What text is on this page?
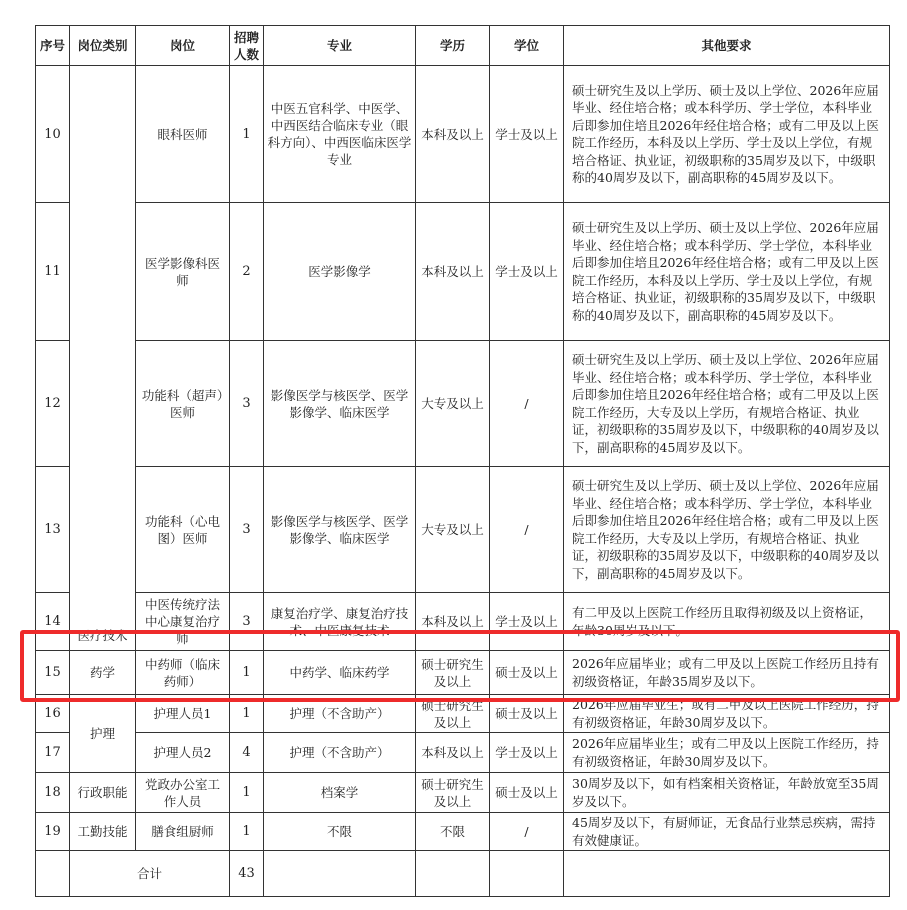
序号	岗位类别	岗位	招聘人数	专业	学历	学位	其他要求
10	医疗技术	眼科医师	1	中医五官科学、中医学、中西医结合临床专业（眼科方向）、中西医临床医学专业	本科及以上	学士及以上	硕士研究生及以上学历、硕士及以上学位、2026年应届毕业、经住培合格；或本科学历、学士学位，本科毕业后即参加住培且2026年经住培合格；或有二甲及以上医院工作经历，本科及以上学历、学士及以上学位，有规培合格证、执业证，初级职称的35周岁及以下，中级职称的40周岁及以下，副高职称的45周岁及以下。
11		医学影像科医师	2	医学影像学	本科及以上	学士及以上	硕士研究生及以上学历、硕士及以上学位、2026年应届毕业、经住培合格；或本科学历、学士学位，本科毕业后即参加住培且2026年经住培合格；或有二甲及以上医院工作经历，本科及以上学历、学士及以上学位，有规培合格证、执业证，初级职称的35周岁及以下，中级职称的40周岁及以下，副高职称的45周岁及以下。
12		功能科（超声）医师	3	影像医学与核医学、医学影像学、临床医学	大专及以上	/	硕士研究生及以上学历、硕士及以上学位、2026年应届毕业、经住培合格；或本科学历、学士学位，本科毕业后即参加住培且2026年经住培合格；或有二甲及以上医院工作经历，大专及以上学历，有规培合格证、执业证，初级职称的35周岁及以下，中级职称的40周岁及以下，副高职称的45周岁及以下。
13		功能科（心电图）医师	3	影像医学与核医学、医学影像学、临床医学	大专及以上	/	硕士研究生及以上学历、硕士及以上学位、2026年应届毕业、经住培合格；或本科学历、学士学位，本科毕业后即参加住培且2026年经住培合格；或有二甲及以上医院工作经历，大专及以上学历，有规培合格证、执业证，初级职称的35周岁及以下，中级职称的40周岁及以下，副高职称的45周岁及以下。
14		中医传统疗法中心康复治疗师	3	康复治疗学、康复治疗技术、中医康复技术	本科及以上	学士及以上	有二甲及以上医院工作经历且取得初级及以上资格证，年龄30周岁及以下。
15	药学	中药师（临床药师）	1	中药学、临床药学	硕士研究生及以上	硕士及以上	2026年应届毕业；或有二甲及以上医院工作经历且持有初级资格证，年龄35周岁及以下。
16	护理	护理人员1	1	护理（不含助产）	硕士研究生及以上	硕士及以上	2026年应届毕业生；或有二甲及以上医院工作经历，持有初级资格证，年龄30周岁及以下。
17		护理人员2	4	护理（不含助产）	本科及以上	学士及以上	2026年应届毕业生；或有二甲及以上医院工作经历，持有初级资格证，年龄30周岁及以下。
18	行政职能	党政办公室工作人员	1	档案学	硕士研究生及以上	硕士及以上	30周岁及以下，如有档案相关资格证，年龄放宽至35周岁及以下。
19	工勤技能	膳食组厨师	1	不限	不限	/	45周岁及以下，有厨师证，无食品行业禁忌疾病，需持有效健康证。
	合计		43				
